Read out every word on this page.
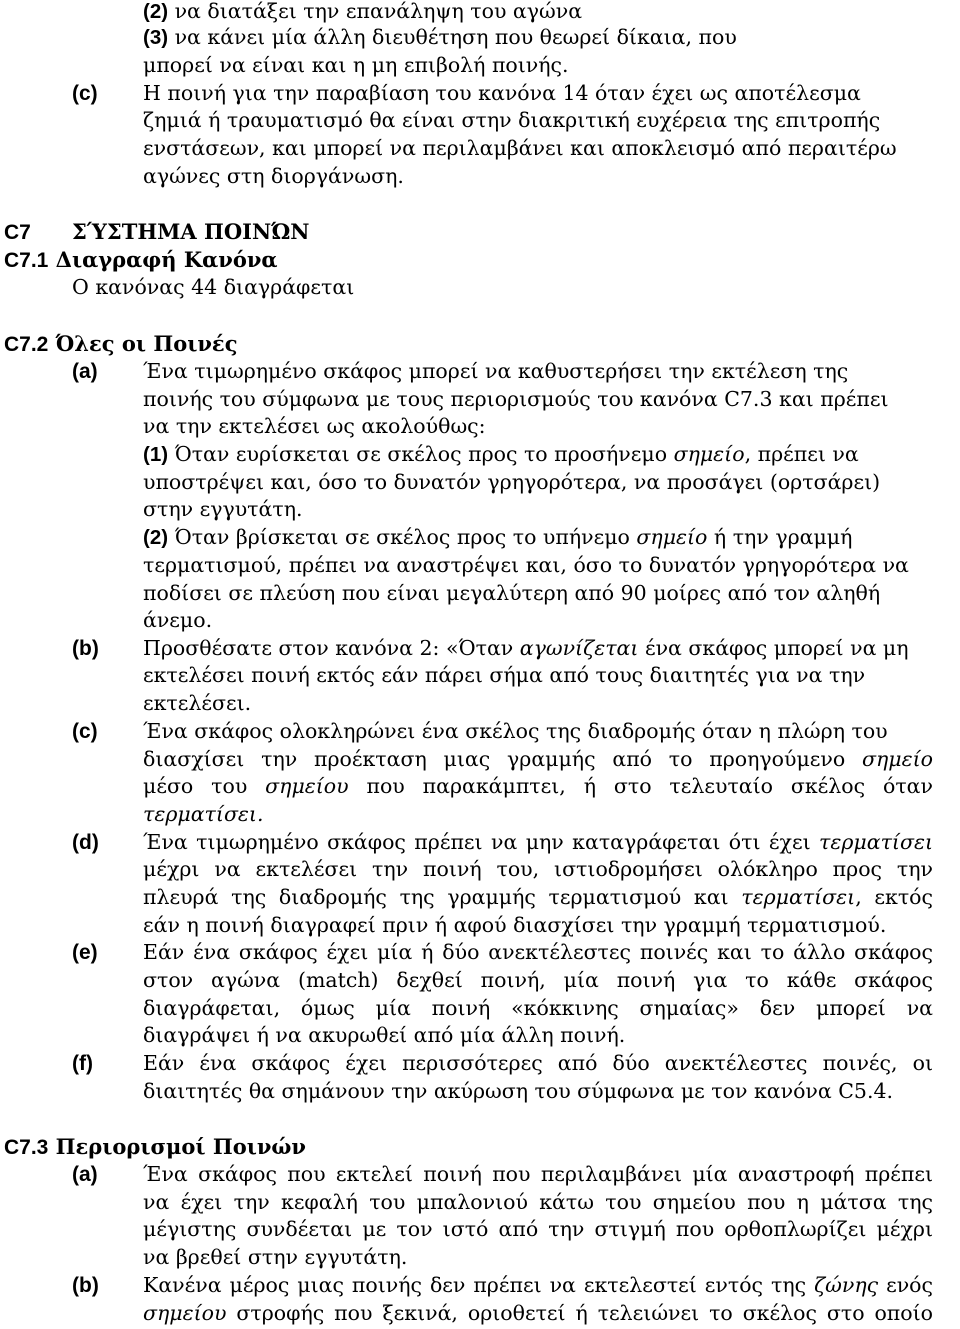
(2) να διατάξει την επανάληψη του αγώνα
(3) να κάνει μία άλλη διευθέτηση που θεωρεί δίκαια, που
μπορεί να είναι και η μη επιβολή ποινής.
(c) Η ποινή για την παραβίαση του κανόνα 14 όταν έχει ως αποτέλεσμα
ζημιά ή τραυματισμό θα είναι στην διακριτική ευχέρεια της επιτροπής
ενστάσεων, και μπορεί να περιλαμβάνει και αποκλεισμό από περαιτέρω
αγώνες στη διοργάνωση.
C7 ΣΎΣΤΗΜΑ ΠΟΙΝΏΝ
C7.1 Διαγραφή Κανόνα
Ο κανόνας 44 διαγράφεται
C7.2 Όλες οι Ποινές
(a) Ένα τιμωρημένο σκάφος μπορεί να καθυστερήσει την εκτέλεση της
ποινής του σύμφωνα με τους περιορισμούς του κανόνα C7.3 και πρέπει
να την εκτελέσει ως ακολούθως:
(1) Όταν ευρίσκεται σε σκέλος προς το προσήνεμο σημείο, πρέπει να
υποστρέψει και, όσο το δυνατόν γρηγορότερα, να προσάγει (ορτσάρει)
στην εγγυτάτη.
(2) Όταν βρίσκεται σε σκέλος προς το υπήνεμο σημείο ή την γραμμή
τερματισμού, πρέπει να αναστρέψει και, όσο το δυνατόν γρηγορότερα να
ποδίσει σε πλεύση που είναι μεγαλύτερη από 90 μοίρες από τον αληθή
άνεμο.
(b) Προσθέσατε στον κανόνα 2: «Όταν αγωνίζεται ένα σκάφος μπορεί να μη
εκτελέσει ποινή εκτός εάν πάρει σήμα από τους διαιτητές για να την
εκτελέσει.
(c) Ένα σκάφος ολοκληρώνει ένα σκέλος της διαδρομής όταν η πλώρη του
διασχίσει την προέκταση μιας γραμμής από το προηγούμενο σημείο
μέσο του σημείου που παρακάμπτει, ή στο τελευταίο σκέλος όταν
τερματίσει.
(d) Ένα τιμωρημένο σκάφος πρέπει να μην καταγράφεται ότι έχει τερματίσει
μέχρι να εκτελέσει την ποινή του, ιστιοδρομήσει ολόκληρο προς την
πλευρά της διαδρομής της γραμμής τερματισμού και τερματίσει, εκτός
εάν η ποινή διαγραφεί πριν ή αφού διασχίσει την γραμμή τερματισμού.
(e) Εάν ένα σκάφος έχει μία ή δύο ανεκτέλεστες ποινές και το άλλο σκάφος
στον αγώνα (match) δεχθεί ποινή, μία ποινή για το κάθε σκάφος
διαγράφεται, όμως μία ποινή «κόκκινης σημαίας» δεν μπορεί να
διαγράψει ή να ακυρωθεί από μία άλλη ποινή.
(f) Εάν ένα σκάφος έχει περισσότερες από δύο ανεκτέλεστες ποινές, οι
διαιτητές θα σημάνουν την ακύρωση του σύμφωνα με τον κανόνα C5.4.
C7.3 Περιορισμοί Ποινών
(a) Ένα σκάφος που εκτελεί ποινή που περιλαμβάνει μία αναστροφή πρέπει
να έχει την κεφαλή του μπαλονιού κάτω του σημείου που η μάτσα της
μέγιστης συνδέεται με τον ιστό από την στιγμή που ορθοπλωρίζει μέχρι
να βρεθεί στην εγγυτάτη.
(b) Κανένα μέρος μιας ποινής δεν πρέπει να εκτελεστεί εντός της ζώνης ενός
σημείου στροφής που ξεκινά, οριοθετεί ή τελειώνει το σκέλος στο οποίο
